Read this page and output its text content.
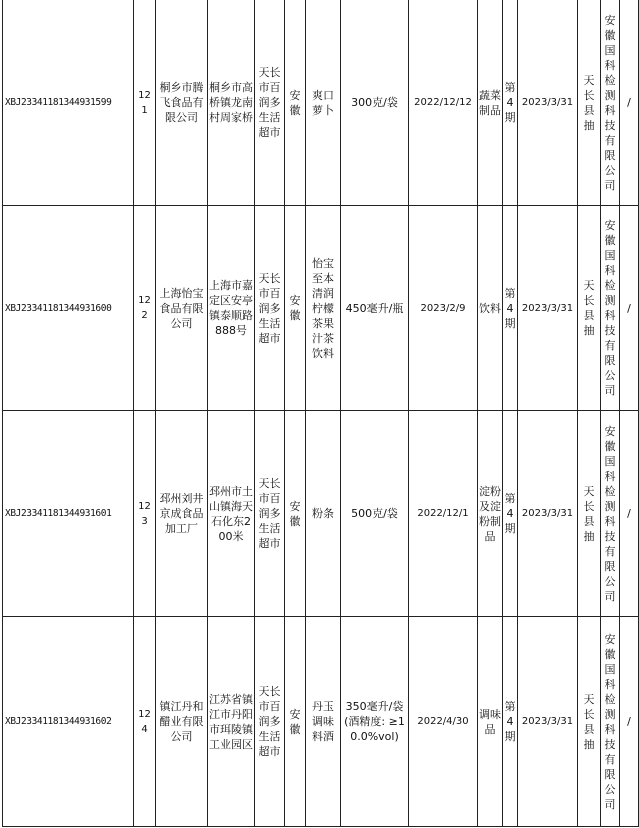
XBJ23341181344931599	121	桐乡市腾飞食品有限公司	桐乡市高桥镇龙南村周家桥	天长市百润多生活超市	安徽	爽口萝卜	300克/袋	2022/12/12	蔬菜制品	第4期	2023/3/31	天长县抽	安徽国科检测科技有限公司	/
XBJ23341181344931600	122	上海怡宝食品有限公司	上海市嘉定区安亭镇泰顺路888号	天长市百润多生活超市	安徽	怡宝至本清润柠檬茶果汁茶饮料	450毫升/瓶	2023/2/9	饮料	第4期	2023/3/31	天长县抽	安徽国科检测科技有限公司	/
XBJ23341181344931601	123	邳州刘井京成食品加工厂	邳州市土山镇海天石化东200米	天长市百润多生活超市	安徽	粉条	500克/袋	2022/12/1	淀粉及淀粉制品	第4期	2023/3/31	天长县抽	安徽国科检测科技有限公司	/
XBJ23341181344931602	124	镇江丹和醋业有限公司	江苏省镇江市丹阳市珥陵镇工业园区	天长市百润多生活超市	安徽	丹玉调味料酒	350毫升/袋 (酒精度: ≥10.0%vol)	2022/4/30	调味品	第4期	2023/3/31	天长县抽	安徽国科检测科技有限公司	/
